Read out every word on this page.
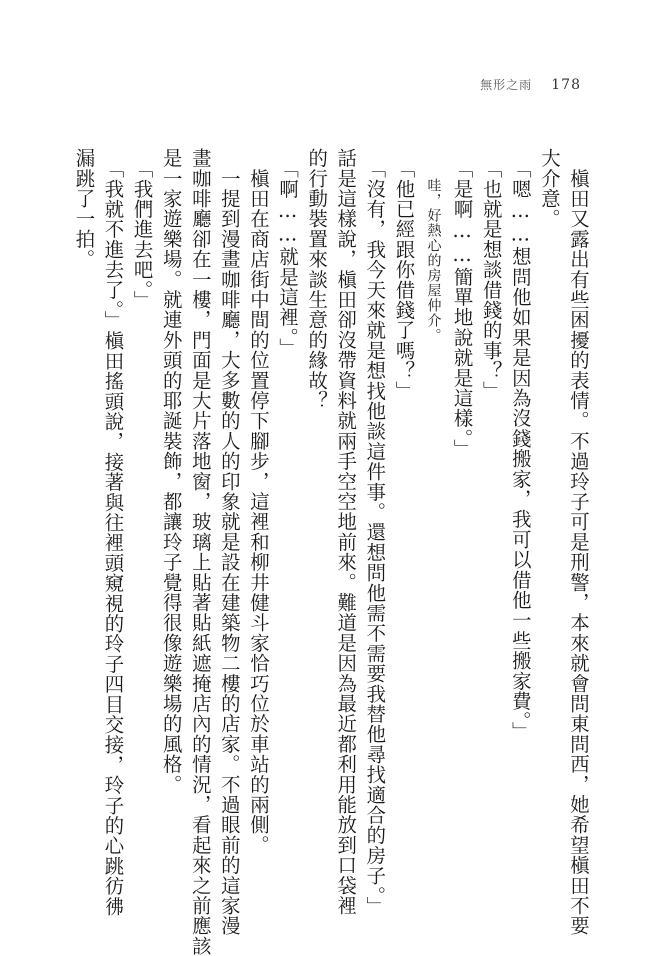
無形之雨 178
　槇田又露出有些困擾的表情。不過玲子可是刑警，本來就會問東問西，她希望槇田不要
大介意。
　「嗯……想問他如果是因為沒錢搬家，我可以借他一些搬家費。」
　「也就是想談借錢的事？」
　「是啊……簡單地說就是這樣。」
　　哇，好熱心的房屋仲介。
　「他已經跟你借錢了嗎？」
　「沒有，我今天來就是想找他談這件事。還想問他需不需要我替他尋找適合的房子。」
話是這樣說，槇田卻沒帶資料就兩手空空地前來。難道是因為最近都利用能放到口袋裡
的行動裝置來談生意的緣故？
　「啊……就是這裡。」
　槇田在商店街中間的位置停下腳步，這裡和柳井健斗家恰巧位於車站的兩側。
　一提到漫畫咖啡廳，大多數的人的印象就是設在建築物二樓的店家。不過眼前的這家漫
畫咖啡廳卻在一樓，門面是大片落地窗，玻璃上貼著貼紙遮掩店內的情況，看起來之前應該
是一家遊樂場。就連外頭的耶誕裝飾，都讓玲子覺得很像遊樂場的風格。
　「我們進去吧。」
　「我就不進去了。」槇田搖頭說，接著與往裡頭窺視的玲子四目交接，玲子的心跳彷彿
漏跳了一拍。
